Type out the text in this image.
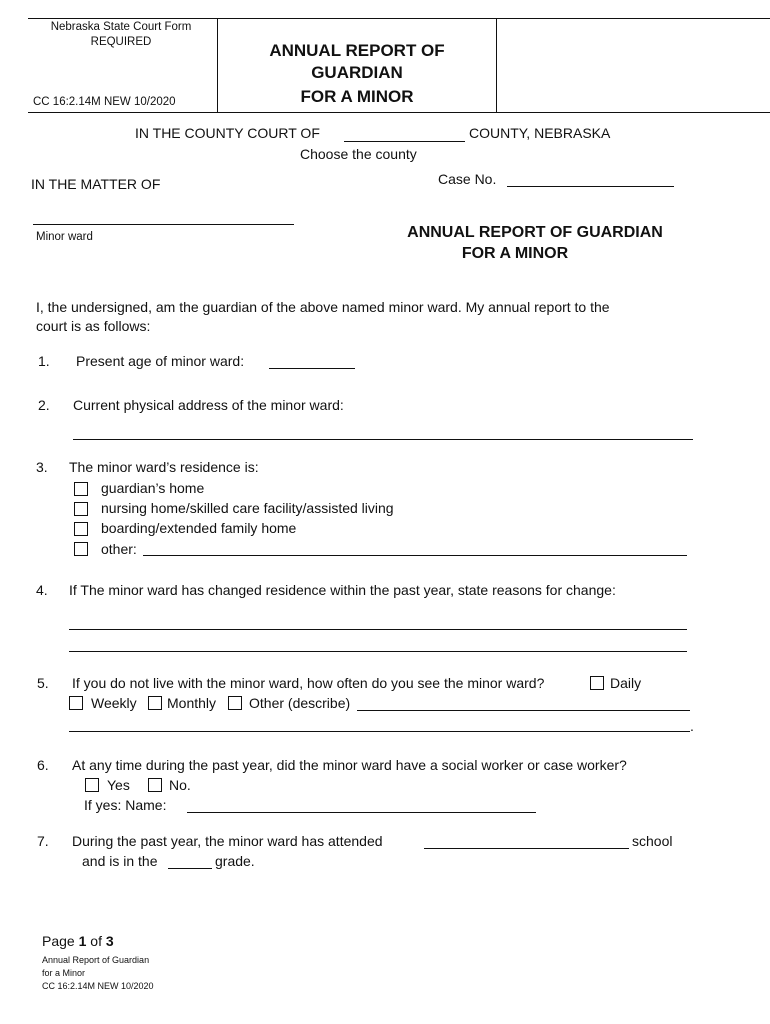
Nebraska State Court Form
REQUIRED
CC 16:2.14M NEW 10/2020
ANNUAL REPORT OF
GUARDIAN
FOR A MINOR
IN THE COUNTY COURT OF	COUNTY, NEBRASKA
Choose the county
IN THE MATTER OF	Case No.
Minor ward	ANNUAL REPORT OF GUARDIAN
FOR A MINOR
I, the undersigned, am the guardian of the above named minor ward. My annual report to the
court is as follows:
1. Present age of minor ward:
2. Current physical address of the minor ward:
3. The minor ward’s residence is:
guardian’s home
nursing home/skilled care facility/assisted living
boarding/extended family home
other:
4. If The minor ward has changed residence within the past year, state reasons for change:
5. If you do not live with the minor ward, how often do you see the minor ward?	Daily
Weekly Monthly Other (describe)
.
6. At any time during the past year, did the minor ward have a social worker or case worker?
Yes	No.
If yes: Name:
7. During the past year, the minor ward has attended	school
and is in the	grade.
Page 1 of 3
Annual Report of Guardian
for a Minor
CC 16:2.14M NEW 10/2020
